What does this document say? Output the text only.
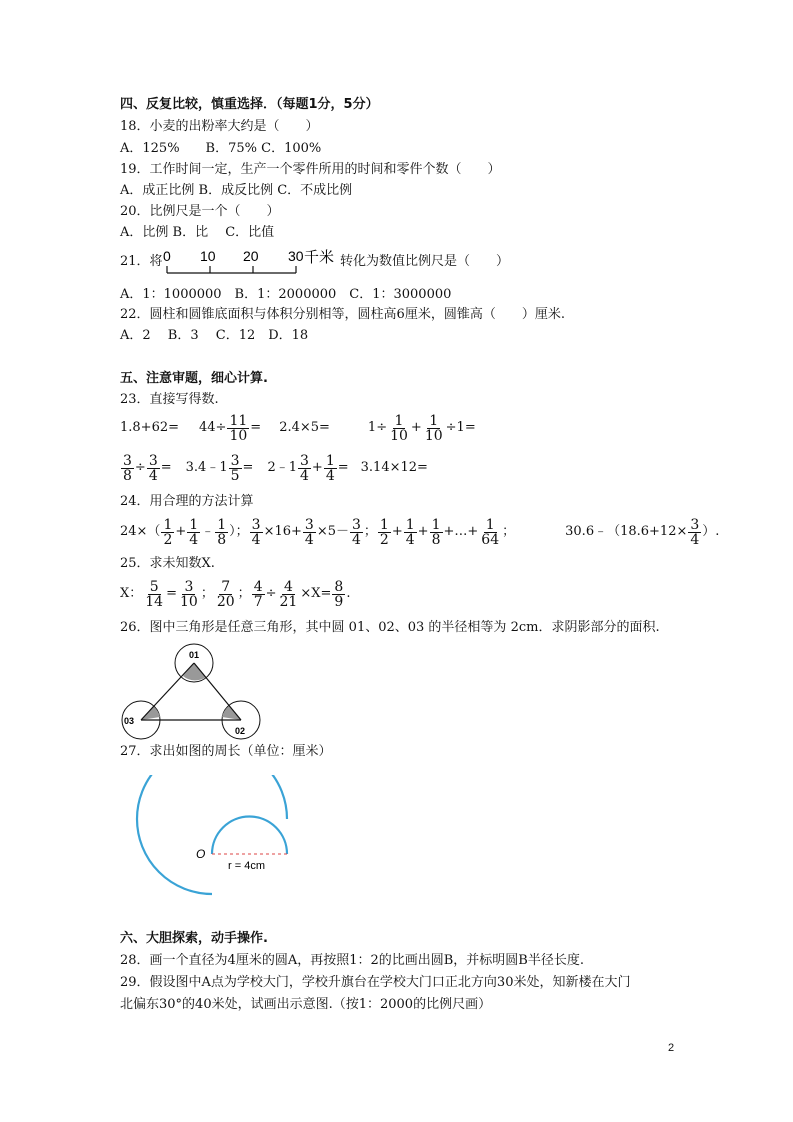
四、反复比较，慎重选择．（每题1分，5分）
18．小麦的出粉率大约是（　　）
A．125%　　B．75% C．100%
19．工作时间一定，生产一个零件所用的时间和零件个数（　　）
A．成正比例 B．成反比例 C．不成比例
20．比例尺是一个（　　）
A．比例 B．比　 C．比值
21．将 0 10 20 30 千米 转化为数值比例尺是（　　）
A．1：1000000　B．1：2000000　C．1：3000000
22．圆柱和圆锥底面积与体积分别相等，圆柱高6厘米，圆锥高（　　）厘米.
A．2　 B．3　 C．12　D．18
五、注意审题，细心计算.
23．直接写得数.
$1.8+62= 44\div \frac{11}{10} = 2.4\times 5=$	$1\div \frac{1}{10} + \frac{1}{10} \div 1=$
$\frac{3}{8} \div \frac{3}{4}$ = 3.4﹣1 $\frac{3}{5}$ = 2﹣1 $\frac{3}{4} + \frac{1}{4} = 3.14\times 12=$
24．用合理的方法计算
$24\times( \frac{1}{2} + \frac{1}{4}$ ﹣ $\frac{1}{8}$ ）； $\frac{3}{4} \times 16+ \frac{3}{4} \times 5- \frac{3}{4}$ ； $\frac{1}{2} + \frac{1}{4} + \frac{1}{8}$ +…+ $\frac{1}{64}$ ；	30.6﹣（18.6+12× $\frac{3}{4}$ ）.
25．求未知数X.
X： $\frac{5}{14} = \frac{3}{10}$ ； $\frac{7}{20}$ ； $\frac{4}{7} \div \frac{4}{21} \times X= \frac{8}{9}$ .
26．图中三角形是任意三角形，其中圆 01、02、03 的半径相等为 2cm．求阴影部分的面积.
01
02
03
27．求出如图的周长（单位：厘米）
O
r = 4cm
六、大胆探索，动手操作.
28．画一个直径为4厘米的圆A，再按照1：2的比画出圆B，并标明圆B半径长度.
29．假设图中A点为学校大门，学校升旗台在学校大门口正北方向30米处，知新楼在大门
北偏东30°的40米处，试画出示意图.（按1：2000的比例尺画）
2
